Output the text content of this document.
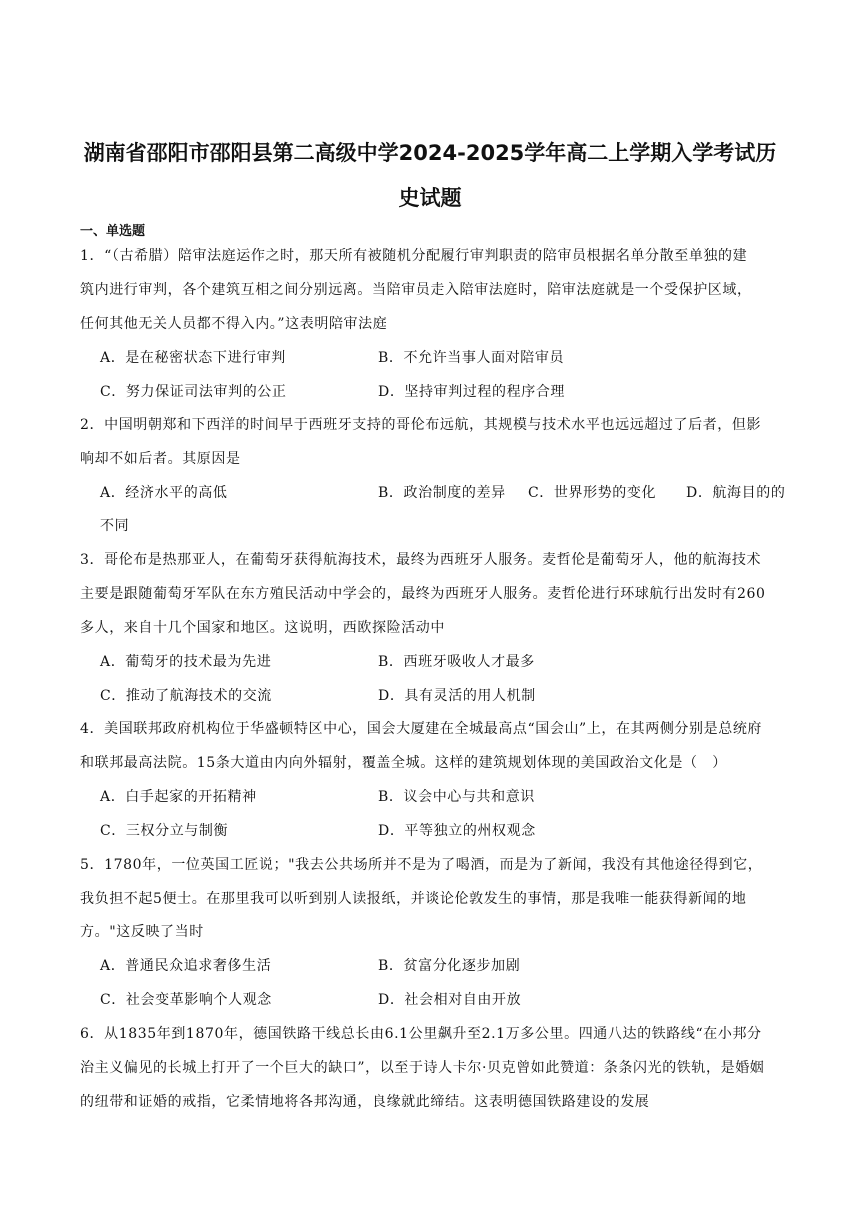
湖南省邵阳市邵阳县第二高级中学2024-2025学年高二上学期入学考试历
史试题
一、单选题
1．“（古希腊）陪审法庭运作之时，那天所有被随机分配履行审判职责的陪审员根据名单分散至单独的建
筑内进行审判，各个建筑互相之间分别远离。当陪审员走入陪审法庭时，陪审法庭就是一个受保护区域，
任何其他无关人员都不得入内。”这表明陪审法庭
A．是在秘密状态下进行审判	B．不允许当事人面对陪审员
C．努力保证司法审判的公正	D．坚持审判过程的程序合理
2．中国明朝郑和下西洋的时间早于西班牙支持的哥伦布远航，其规模与技术水平也远远超过了后者，但影
响却不如后者。其原因是
A．经济水平的高低	B．政治制度的差异 C．世界形势的变化 D．航海目的的
不同
3．哥伦布是热那亚人，在葡萄牙获得航海技术，最终为西班牙人服务。麦哲伦是葡萄牙人，他的航海技术
主要是跟随葡萄牙军队在东方殖民活动中学会的，最终为西班牙人服务。麦哲伦进行环球航行出发时有260
多人，来自十几个国家和地区。这说明，西欧探险活动中
A．葡萄牙的技术最为先进	B．西班牙吸收人才最多
C．推动了航海技术的交流	D．具有灵活的用人机制
4．美国联邦政府机构位于华盛顿特区中心，国会大厦建在全城最高点“国会山”上，在其两侧分别是总统府
和联邦最高法院。15条大道由内向外辐射，覆盖全城。这样的建筑规划体现的美国政治文化是（　）
A．白手起家的开拓精神	B．议会中心与共和意识
C．三权分立与制衡	D．平等独立的州权观念
5．1780年，一位英国工匠说；"我去公共场所并不是为了喝酒，而是为了新闻，我没有其他途径得到它，
我负担不起5便士。在那里我可以听到别人读报纸，并谈论伦敦发生的事情，那是我唯一能获得新闻的地
方。"这反映了当时
A．普通民众追求奢侈生活	B．贫富分化逐步加剧
C．社会变革影响个人观念	D．社会相对自由开放
6．从1835年到1870年，德国铁路干线总长由6.1公里飙升至2.1万多公里。四通八达的铁路线“在小邦分
治主义偏见的长城上打开了一个巨大的缺口”，以至于诗人卡尔·贝克曾如此赞道：条条闪光的铁轨，是婚姻
的纽带和证婚的戒指，它柔情地将各邦沟通，良缘就此缔结。这表明德国铁路建设的发展
